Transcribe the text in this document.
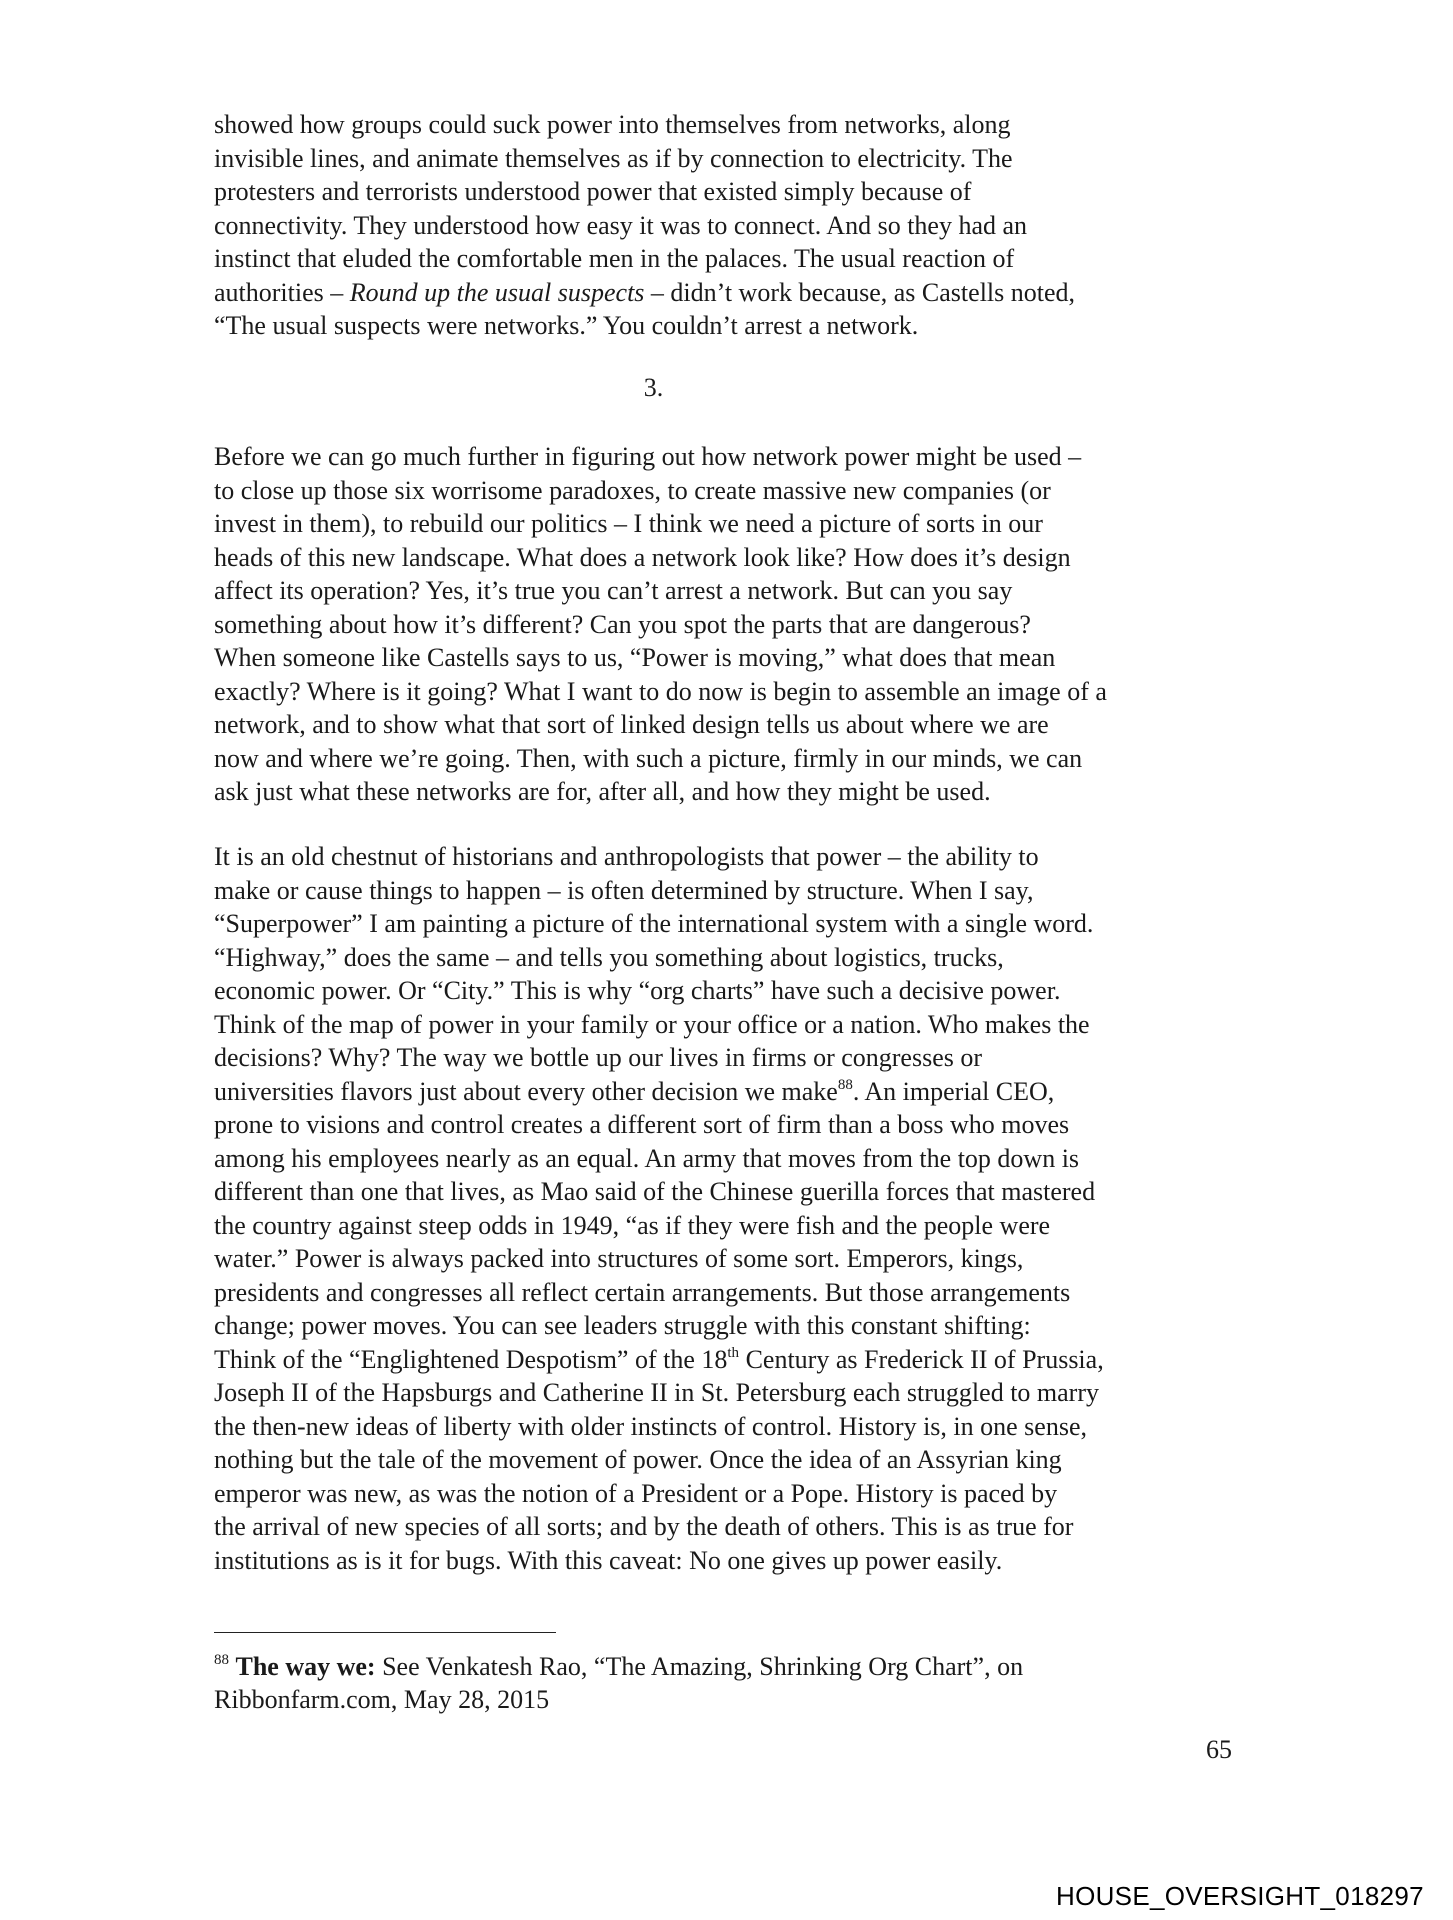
showed how groups could suck power into themselves from networks, along
invisible lines, and animate themselves as if by connection to electricity. The
protesters and terrorists understood power that existed simply because of
connectivity. They understood how easy it was to connect. And so they had an
instinct that eluded the comfortable men in the palaces. The usual reaction of
authorities – Round up the usual suspects – didn’t work because, as Castells noted,
“The usual suspects were networks.” You couldn’t arrest a network.
3.
Before we can go much further in figuring out how network power might be used –
to close up those six worrisome paradoxes, to create massive new companies (or
invest in them), to rebuild our politics – I think we need a picture of sorts in our
heads of this new landscape. What does a network look like? How does it’s design
affect its operation? Yes, it’s true you can’t arrest a network. But can you say
something about how it’s different? Can you spot the parts that are dangerous?
When someone like Castells says to us, “Power is moving,” what does that mean
exactly? Where is it going? What I want to do now is begin to assemble an image of a
network, and to show what that sort of linked design tells us about where we are
now and where we’re going. Then, with such a picture, firmly in our minds, we can
ask just what these networks are for, after all, and how they might be used.
It is an old chestnut of historians and anthropologists that power – the ability to
make or cause things to happen – is often determined by structure. When I say,
“Superpower” I am painting a picture of the international system with a single word.
“Highway,” does the same – and tells you something about logistics, trucks,
economic power. Or “City.” This is why “org charts” have such a decisive power.
Think of the map of power in your family or your office or a nation. Who makes the
decisions? Why? The way we bottle up our lives in firms or congresses or
universities flavors just about every other decision we make$^{88}$. An imperial CEO,
prone to visions and control creates a different sort of firm than a boss who moves
among his employees nearly as an equal. An army that moves from the top down is
different than one that lives, as Mao said of the Chinese guerilla forces that mastered
the country against steep odds in 1949, “as if they were fish and the people were
water.” Power is always packed into structures of some sort. Emperors, kings,
presidents and congresses all reflect certain arrangements. But those arrangements
change; power moves. You can see leaders struggle with this constant shifting:
Think of the “Englightened Despotism” of the 18th Century as Frederick II of Prussia,
Joseph II of the Hapsburgs and Catherine II in St. Petersburg each struggled to marry
the then-new ideas of liberty with older instincts of control. History is, in one sense,
nothing but the tale of the movement of power. Once the idea of an Assyrian king
emperor was new, as was the notion of a President or a Pope. History is paced by
the arrival of new species of all sorts; and by the death of others. This is as true for
institutions as is it for bugs. With this caveat: No one gives up power easily.
$^{88}$ The way we: See Venkatesh Rao, “The Amazing, Shrinking Org Chart”, on
Ribbonfarm.com, May 28, 2015
65
HOUSE_OVERSIGHT_018297
